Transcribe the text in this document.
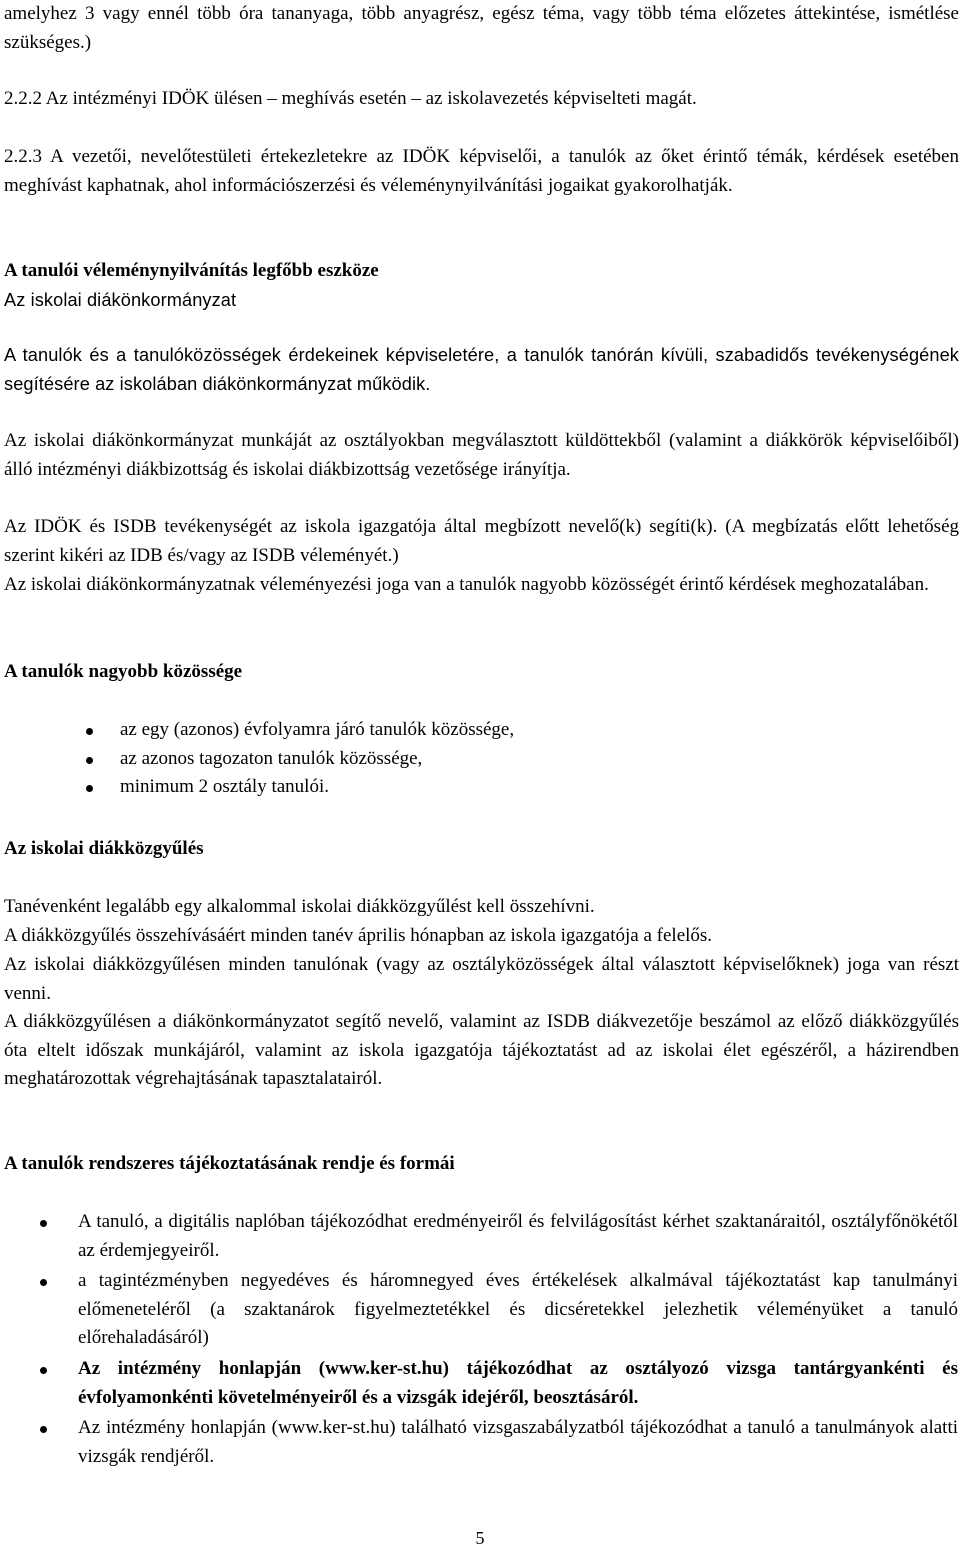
amelyhez 3 vagy ennél több óra tananyaga, több anyagrész, egész téma, vagy több téma előzetes áttekintése, ismétlése szükséges.)

2.2.2 Az intézményi IDÖK ülésen – meghívás esetén – az iskolavezetés képviselteti magát.

2.2.3 A vezetői, nevelőtestületi értekezletekre az IDÖK képviselői, a tanulók az őket érintő témák, kérdések esetében meghívást kaphatnak, ahol információszerzési és véleménynyilvánítási jogaikat gyakorolhatják.

A tanulói véleménynyilvánítás legfőbb eszköze

Az iskolai diákönkormányzat

A tanulók és a tanulóközösségek érdekeinek képviseletére, a tanulók tanórán kívüli, szabadidős tevékenységének segítésére az iskolában diákönkormányzat működik.

Az iskolai diákönkormányzat munkáját az osztályokban megválasztott küldöttekből (valamint a diákkörök képviselőiből) álló intézményi diákbizottság és iskolai diákbizottság vezetősége irányítja.

Az IDÖK és ISDB tevékenységét az iskola igazgatója által megbízott nevelő(k) segíti(k). (A megbízatás előtt lehetőség szerint kikéri az IDB és/vagy az ISDB véleményét.)

Az iskolai diákönkormányzatnak véleményezési joga van a tanulók nagyobb közösségét érintő kérdések meghozatalában.

A tanulók nagyobb közössége

az egy (azonos) évfolyamra járó tanulók közössége,
az azonos tagozaton tanulók közössége,
minimum 2 osztály tanulói.

Az iskolai diákközgyűlés

Tanévenként legalább egy alkalommal iskolai diákközgyűlést kell összehívni.

A diákközgyűlés összehívásáért minden tanév április hónapban az iskola igazgatója a felelős.

Az iskolai diákközgyűlésen minden tanulónak (vagy az osztályközösségek által választott képviselőknek) joga van részt venni.

A diákközgyűlésen a diákönkormányzatot segítő nevelő, valamint az ISDB diákvezetője beszámol az előző diákközgyűlés óta eltelt időszak munkájáról, valamint az iskola igazgatója tájékoztatást ad az iskolai élet egészéről, a házirendben meghatározottak végrehajtásának tapasztalatairól.

A tanulók rendszeres tájékoztatásának rendje és formái

A tanuló, a digitális naplóban tájékozódhat eredményeiről és felvilágosítást kérhet szaktanáraitól, osztályfőnökétől az érdemjegyeiről.
a tagintézményben negyedéves és háromnegyed éves értékelések alkalmával tájékoztatást kap tanulmányi előmeneteléről (a szaktanárok figyelmeztetékkel és dicséretekkel jelezhetik véleményüket a tanuló előrehaladásáról)
Az intézmény honlapján (www.ker-st.hu) tájékozódhat az osztályozó vizsga tantárgyankénti és évfolyamonkénti követelményeiről és a vizsgák idejéről, beosztásáról.
Az intézmény honlapján (www.ker-st.hu) található vizsgaszabályzatból tájékozódhat a tanuló a tanulmányok alatti vizsgák rendjéről.
5
